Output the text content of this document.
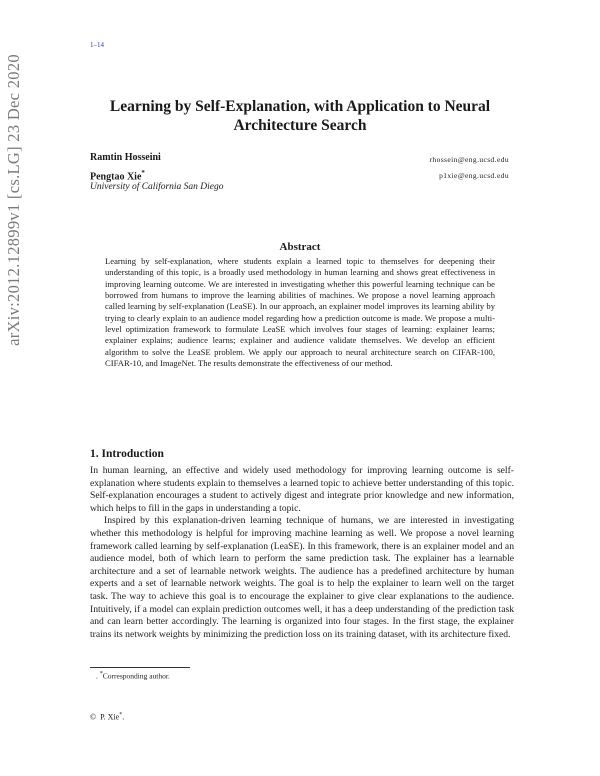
1–14
arXiv:2012.12899v1 [cs.LG] 23 Dec 2020	Learning by Self-Explanation, with Application to Neural Architecture Search
Ramtin Hosseini	rhossein@eng.ucsd.edu
Pengtao Xie*	p1xie@eng.ucsd.edu
University of California San Diego
Abstract
Learning by self-explanation, where students explain a learned topic to themselves for deepening their understanding of this topic, is a broadly used methodology in human learning and shows great effectiveness in improving learning outcome. We are interested in investigating whether this powerful learning technique can be borrowed from humans to improve the learning abilities of machines. We propose a novel learning approach called learning by self-explanation (LeaSE). In our approach, an explainer model improves its learning ability by trying to clearly explain to an audience model regarding how a prediction outcome is made. We propose a multi-level optimization framework to formulate LeaSE which involves four stages of learning: explainer learns; explainer explains; audience learns; explainer and audience validate themselves. We develop an efficient algorithm to solve the LeaSE problem. We apply our approach to neural architecture search on CIFAR-100, CIFAR-10, and ImageNet. The results demonstrate the effectiveness of our method.
1. Introduction

In human learning, an effective and widely used methodology for improving learning outcome is self-explanation where students explain to themselves a learned topic to achieve better understanding of this topic. Self-explanation encourages a student to actively digest and integrate prior knowledge and new information, which helps to fill in the gaps in understanding a topic.

Inspired by this explanation-driven learning technique of humans, we are interested in investigating whether this methodology is helpful for improving machine learning as well. We propose a novel learning framework called learning by self-explanation (LeaSE). In this framework, there is an explainer model and an audience model, both of which learn to perform the same prediction task. The explainer has a learnable architecture and a set of learnable network weights. The audience has a predefined architecture by human experts and a set of learnable network weights. The goal is to help the explainer to learn well on the target task. The way to achieve this goal is to encourage the explainer to give clear explanations to the audience. Intuitively, if a model can explain prediction outcomes well, it has a deep understanding of the prediction task and can learn better accordingly. The learning is organized into four stages. In the first stage, the explainer trains its network weights by minimizing the prediction loss on its training dataset, with its architecture fixed.

. *Corresponding author.
© P. Xie*.
